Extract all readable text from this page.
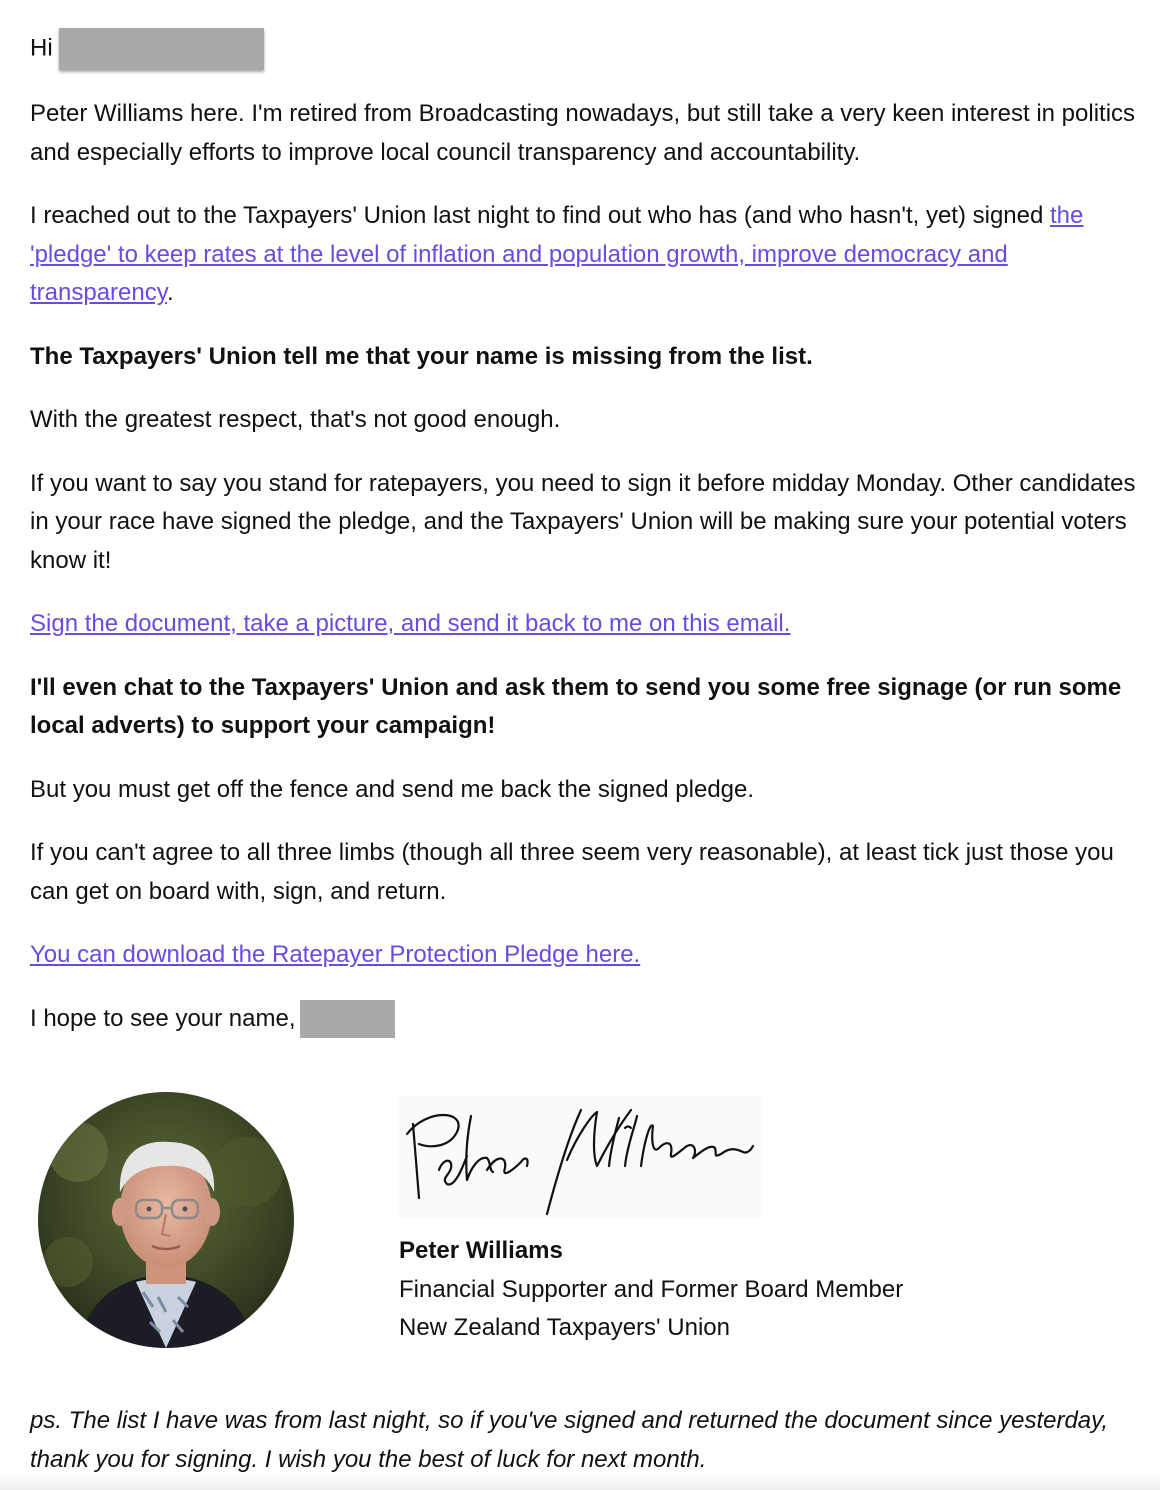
Hi

Peter Williams here. I'm retired from Broadcasting nowadays, but still take a very keen interest in politics and especially efforts to improve local council transparency and accountability.

I reached out to the Taxpayers' Union last night to find out who has (and who hasn't, yet) signed the 'pledge' to keep rates at the level of inflation and population growth, improve democracy and transparency.

The Taxpayers' Union tell me that your name is missing from the list.

With the greatest respect, that's not good enough.

If you want to say you stand for ratepayers, you need to sign it before midday Monday. Other candidates in your race have signed the pledge, and the Taxpayers' Union will be making sure your potential voters know it!

Sign the document, take a picture, and send it back to me on this email.

I'll even chat to the Taxpayers' Union and ask them to send you some free signage (or run some local adverts) to support your campaign!

But you must get off the fence and send me back the signed pledge.

If you can't agree to all three limbs (though all three seem very reasonable), at least tick just those you can get on board with, sign, and return.

You can download the Ratepayer Protection Pledge here.

I hope to see your name,

Peter Williams
Financial Supporter and Former Board Member
New Zealand Taxpayers' Union
ps. The list I have was from last night, so if you've signed and returned the document since yesterday, thank you for signing. I wish you the best of luck for next month.
